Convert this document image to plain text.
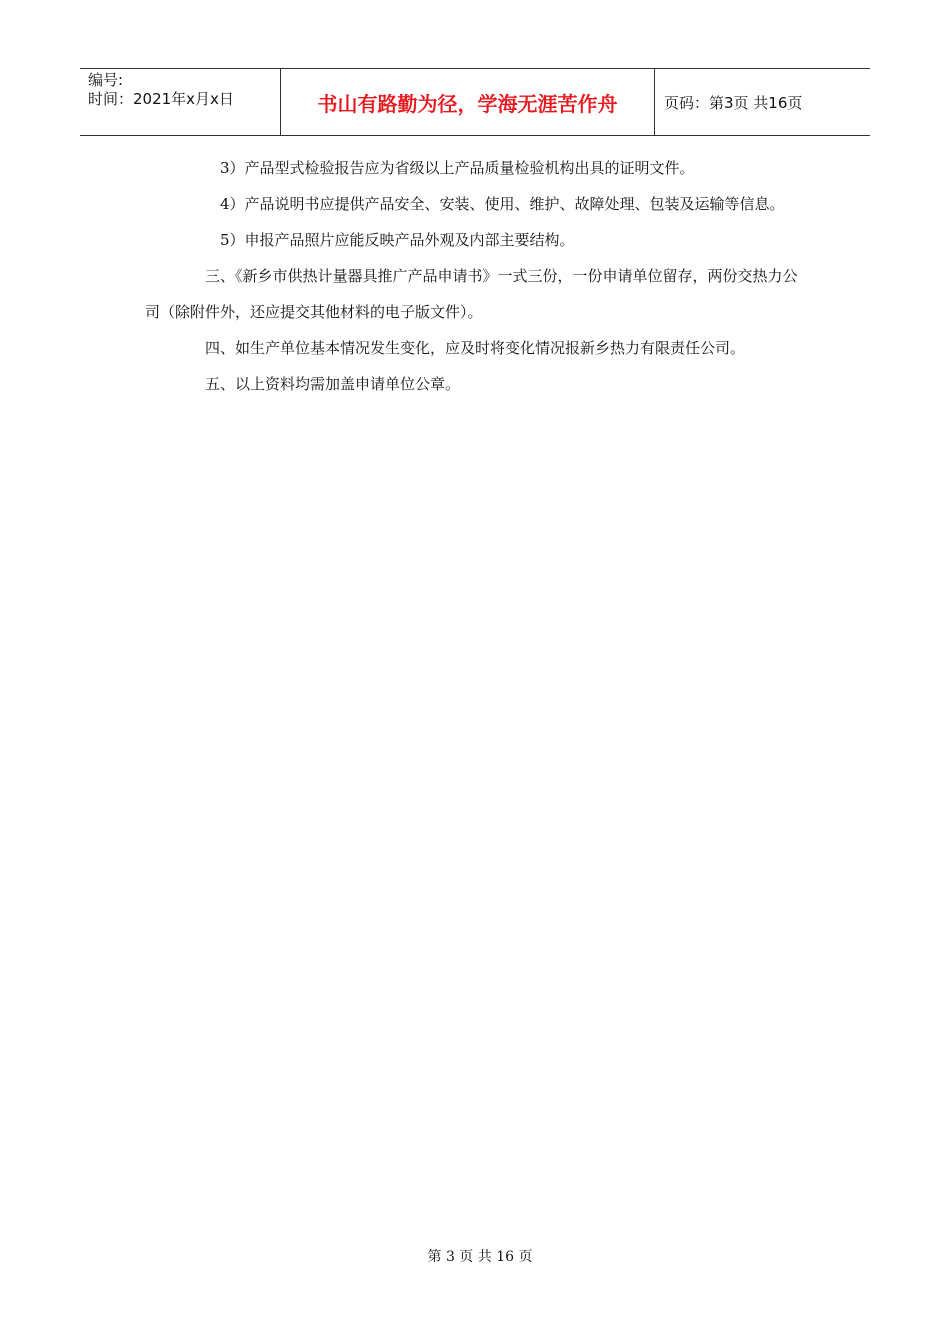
编号:
时间：2021年x月x日	书山有路勤为径，学海无涯苦作舟	页码：第3页 共16页

3）产品型式检验报告应为省级以上产品质量检验机构出具的证明文件。

4）产品说明书应提供产品安全、安装、使用、维护、故障处理、包装及运输等信息。

5）申报产品照片应能反映产品外观及内部主要结构。

三、《新乡市供热计量器具推广产品申请书》一式三份，一份申请单位留存，两份交热力公司（除附件外，还应提交其他材料的电子版文件）。

四、如生产单位基本情况发生变化，应及时将变化情况报新乡热力有限责任公司。

五、以上资料均需加盖申请单位公章。

第 3 页 共 16 页
